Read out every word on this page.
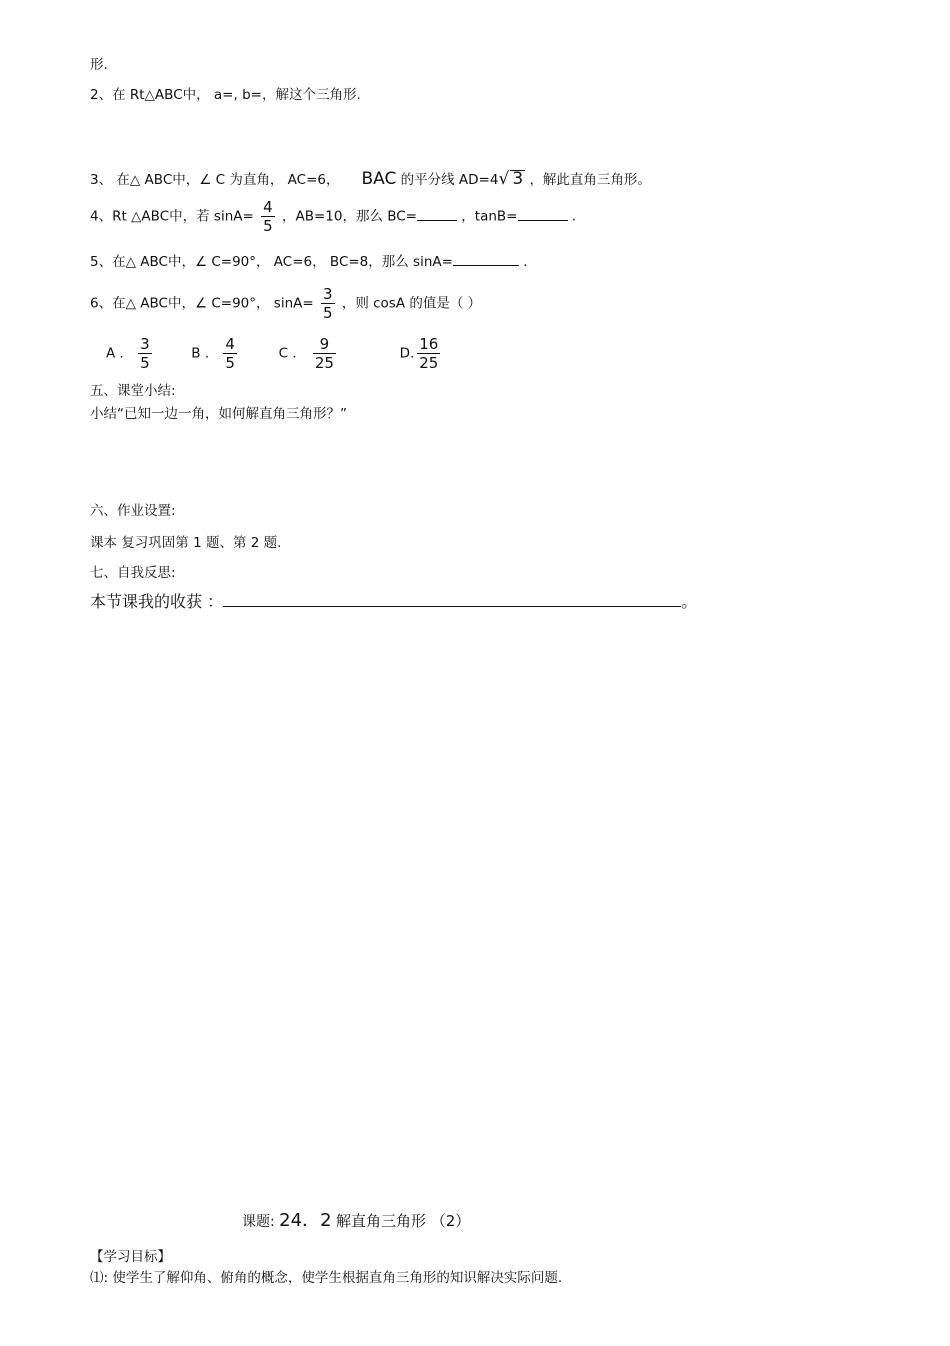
形.
2、在 Rt△ABC中， a=, b=，解这个三角形.
3、 在△ ABC中，∠ C 为直角， AC=6， BAC 的平分线 AD=4√ 3 ，解此直角三角形。
4、Rt △ABC中，若 $\sin A= \frac{4}{5}$ ，AB=10，那么 BC=	，tanB=	.
5、在△ ABC中，∠ C=90°， AC=6， BC=8，那么 sinA=	.
6、在△ ABC中，∠ C=90°， $\sin A= \frac{3}{5}$ ，则 cosA 的值是（ ）
A . $\frac{3}{5}$	B . $\frac{4}{5}$	C . $\frac{9}{25}$	D. $\frac{16}{25}$
五、课堂小结:
小结“已知一边一角，如何解直角三角形？”
六、作业设置:
课本 复习巩固第 1 题、第 2 题.
七、自我反思:
本节课我的收获 ：	。
课题: 24．2 解直角三角形 （2）
【学习目标】
⑴: 使学生了解仰角、俯角的概念，使学生根据直角三角形的知识解决实际问题.
